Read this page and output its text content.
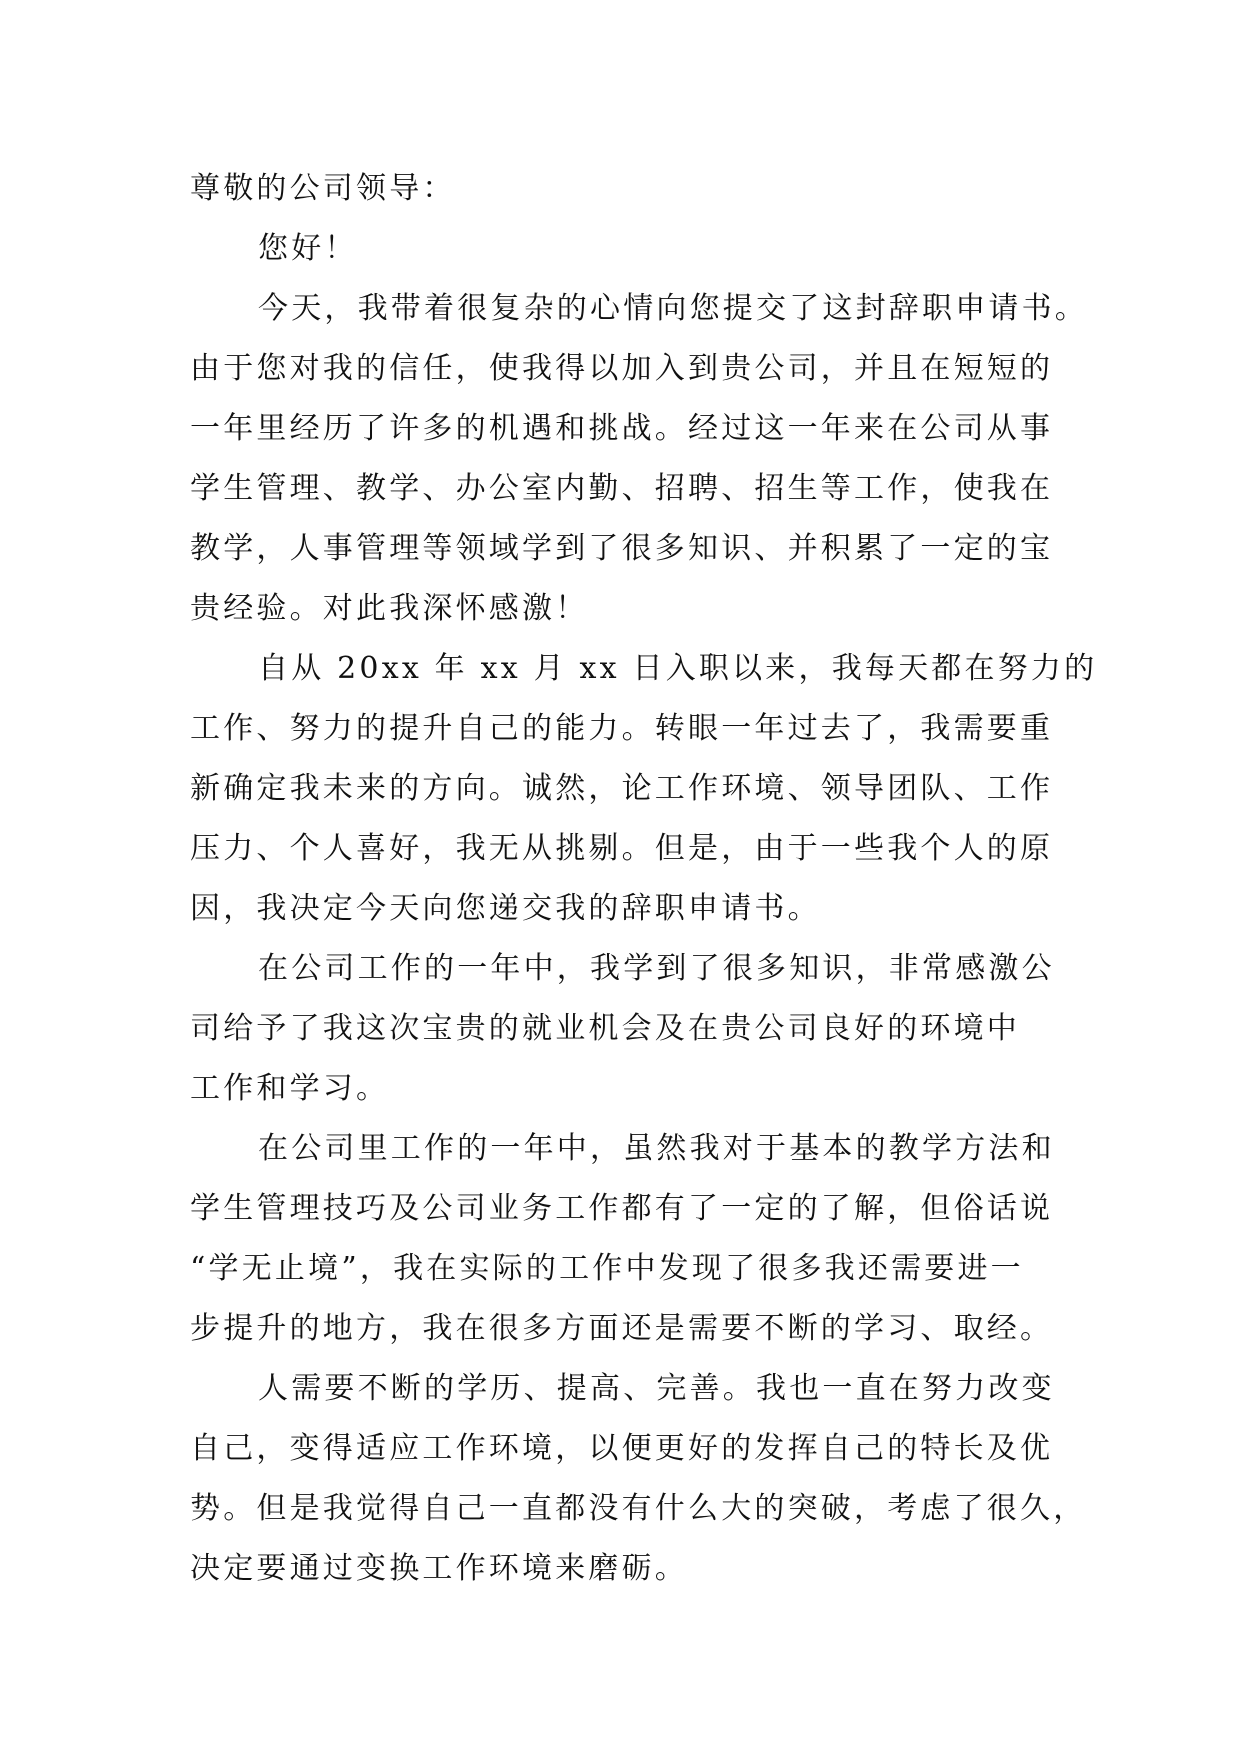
尊敬的公司领导：
您好！
今天，我带着很复杂的心情向您提交了这封辞职申请书。
由于您对我的信任，使我得以加入到贵公司，并且在短短的
一年里经历了许多的机遇和挑战。经过这一年来在公司从事
学生管理、教学、办公室内勤、招聘、招生等工作，使我在
教学，人事管理等领域学到了很多知识、并积累了一定的宝
贵经验。对此我深怀感激！
自从 20xx 年 xx 月 xx 日入职以来，我每天都在努力的
工作、努力的提升自己的能力。转眼一年过去了，我需要重
新确定我未来的方向。诚然，论工作环境、领导团队、工作
压力、个人喜好，我无从挑剔。但是，由于一些我个人的原
因，我决定今天向您递交我的辞职申请书。
在公司工作的一年中，我学到了很多知识，非常感激公
司给予了我这次宝贵的就业机会及在贵公司良好的环境中
工作和学习。
在公司里工作的一年中，虽然我对于基本的教学方法和
学生管理技巧及公司业务工作都有了一定的了解，但俗话说
“学无止境”，我在实际的工作中发现了很多我还需要进一
步提升的地方，我在很多方面还是需要不断的学习、取经。
人需要不断的学历、提高、完善。我也一直在努力改变
自己，变得适应工作环境，以便更好的发挥自己的特长及优
势。但是我觉得自己一直都没有什么大的突破，考虑了很久，
决定要通过变换工作环境来磨砺。
